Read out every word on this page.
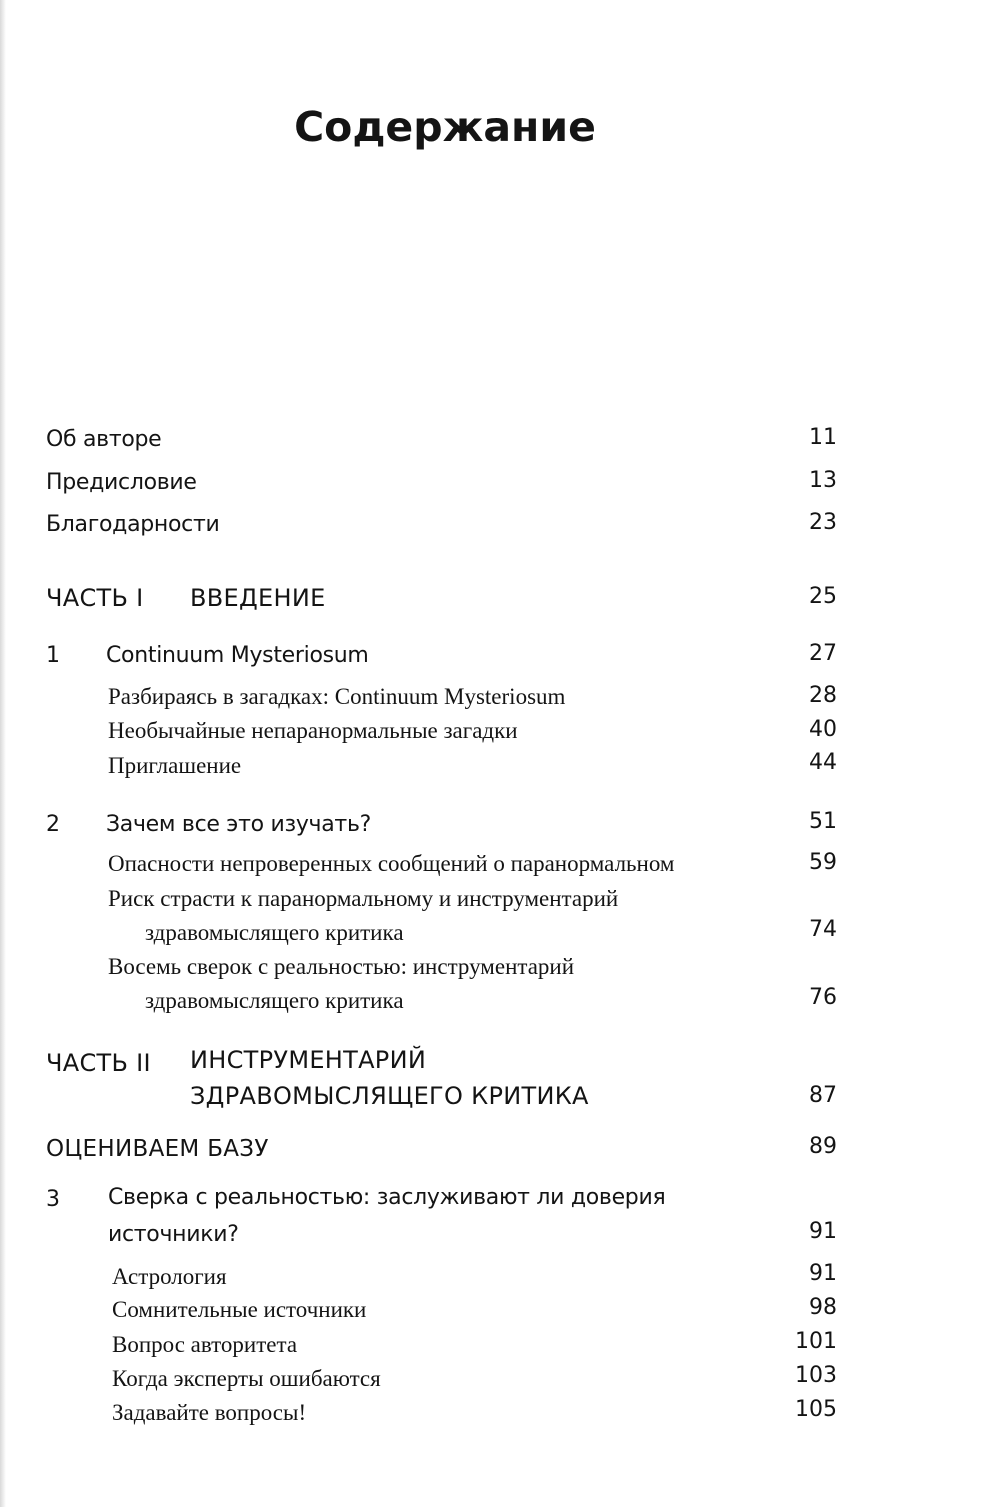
Содержание
Об авторе	11
Предисловие	13
Благодарности	23
ЧАСТЬ I ВВЕДЕНИЕ	25
1 Continuum Mysteriosum	27
Разбираясь в загадках: Continuum Mysteriosum	28
Необычайные непаранормальные загадки	40
Приглашение	44
2 Зачем все это изучать?	51
Опасности непроверенных сообщений о паранормальном	59
Риск страсти к паранормальному и инструментарий
здравомыслящего критика	74
Восемь сверок с реальностью: инструментарий
здравомыслящего критика	76
ЧАСТЬ II ИНСТРУМЕНТАРИЙ
ЗДРАВОМЫСЛЯЩЕГО КРИТИКА	87
ОЦЕНИВАЕМ БАЗУ	89
3 Сверка с реальностью: заслуживают ли доверия
источники?	91
Астрология	91
Сомнительные источники	98
Вопрос авторитета	101
Когда эксперты ошибаются	103
Задавайте вопросы!	105
